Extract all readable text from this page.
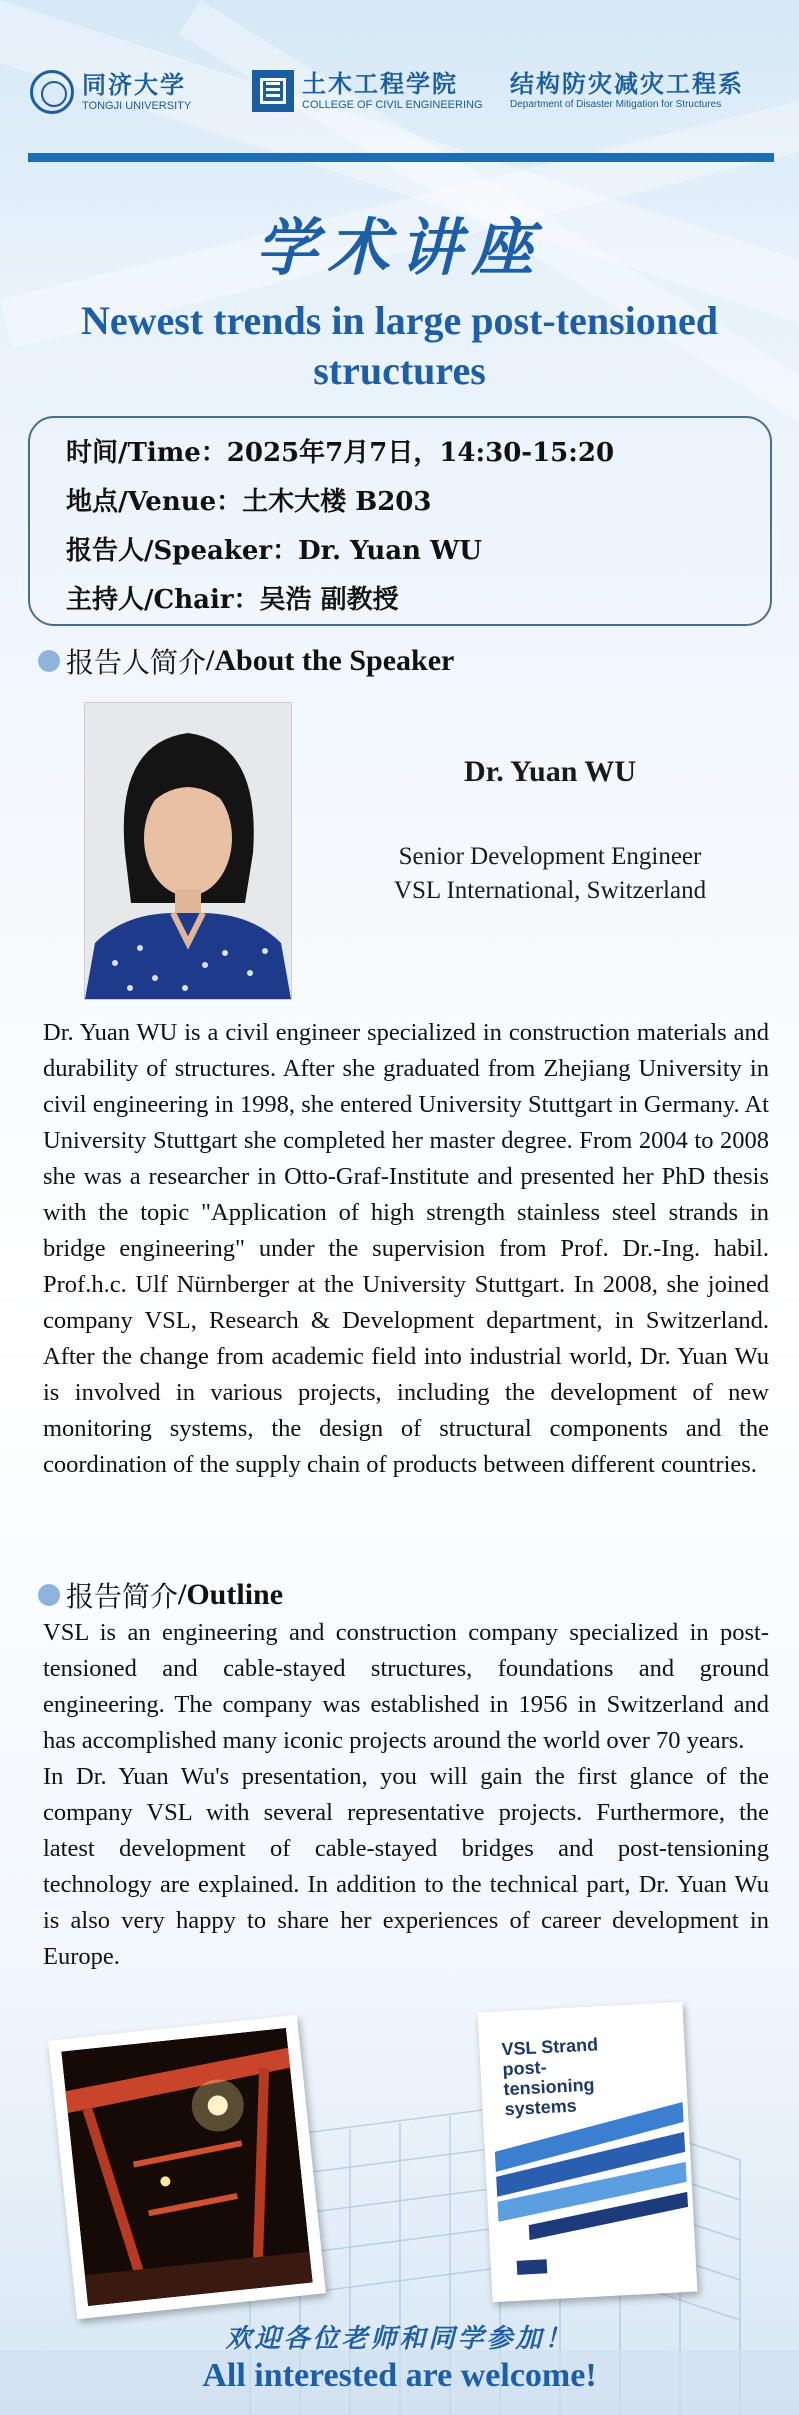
同济大学
TONGJI UNIVERSITY
土木工程学院
COLLEGE OF CIVIL ENGINEERING
结构防灾减灾工程系
Department of Disaster Mitigation for Structures
学术讲座
Newest trends in large post-tensioned structures
时间/Time：2025年7月7日，14:30-15:20
地点/Venue：土木大楼 B203
报告人/Speaker：Dr. Yuan WU
主持人/Chair：吴浩 副教授
报告人简介 /About the Speaker
Dr. Yuan WU
Senior Development Engineer
VSL International, Switzerland

Dr. Yuan WU is a civil engineer specialized in construction materials and durability of structures. After she graduated from Zhejiang University in civil engineering in 1998, she entered University Stuttgart in Germany. At University Stuttgart she completed her master degree. From 2004 to 2008 she was a researcher in Otto-Graf-Institute and presented her PhD thesis with the topic "Application of high strength stainless steel strands in bridge engineering" under the supervision from Prof. Dr.-Ing. habil. Prof.h.c. Ulf Nürnberger at the University Stuttgart. In 2008, she joined company VSL, Research & Development department, in Switzerland. After the change from academic field into industrial world, Dr. Yuan Wu is involved in various projects, including the development of new monitoring systems, the design of structural components and the coordination of the supply chain of products between different countries.

报告简介 /Outline

VSL is an engineering and construction company specialized in post-tensioned and cable-stayed structures, foundations and ground engineering. The company was established in 1956 in Switzerland and has accomplished many iconic projects around the world over 70 years.

In Dr. Yuan Wu's presentation, you will gain the first glance of the company VSL with several representative projects. Furthermore, the latest development of cable-stayed bridges and post-tensioning technology are explained. In addition to the technical part, Dr. Yuan Wu is also very happy to share her experiences of career development in Europe.

VSL Strand post-tensioning systems
欢迎各位老师和同学参加！
All interested are welcome!
